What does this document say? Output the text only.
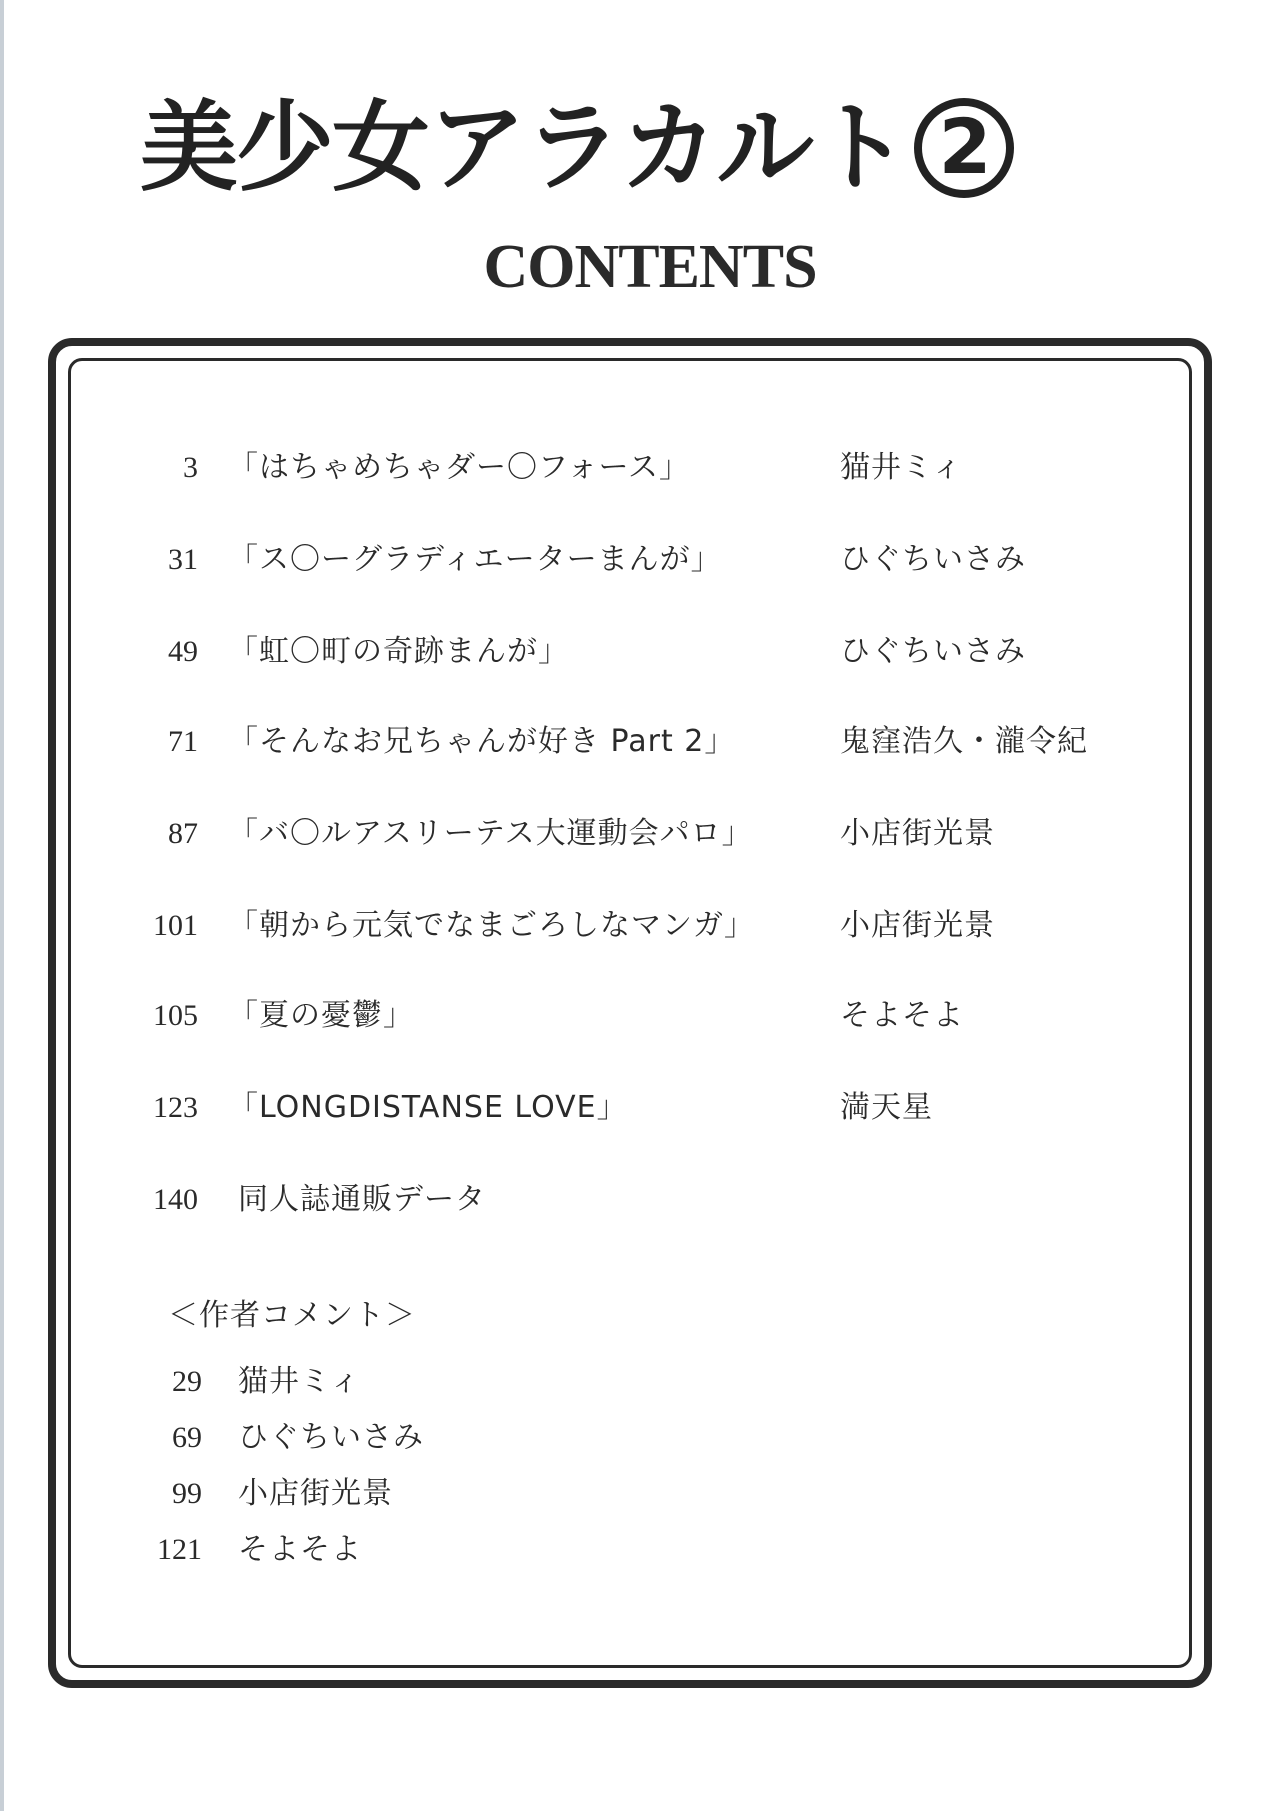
美少女アラカルト 2
CONTENTS
3 「はちゃめちゃダー〇フォース」	猫井ミィ
31 「ス〇ーグラディエーターまんが」	ひぐちいさみ
49 「虹〇町の奇跡まんが」	ひぐちいさみ
71 「そんなお兄ちゃんが好き Part 2」	鬼窪浩久・瀧令紀
87 「バ〇ルアスリーテス大運動会パロ」	小店街光景
101 「朝から元気でなまごろしなマンガ」	小店街光景
105 「夏の憂鬱」	そよそよ
123 「LONGDISTANSE LOVE」	満天星
140 同人誌通販データ
＜作者コメント＞
29 猫井ミィ
69 ひぐちいさみ
99 小店街光景
121 そよそよ
